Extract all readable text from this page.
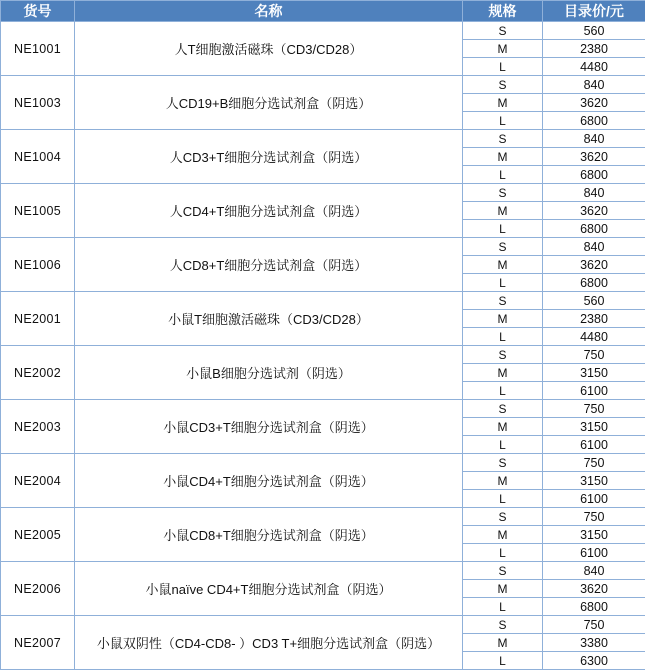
货号	名称	规格	目录价/元
NE1001	人T细胞激活磁珠（CD3/CD28）	S	560
		M	2380
		L	4480
NE1003	人CD19+B细胞分选试剂盒（阴选）	S	840
		M	3620
		L	6800
NE1004	人CD3+T细胞分选试剂盒（阴选）	S	840
		M	3620
		L	6800
NE1005	人CD4+T细胞分选试剂盒（阴选）	S	840
		M	3620
		L	6800
NE1006	人CD8+T细胞分选试剂盒（阴选）	S	840
		M	3620
		L	6800
NE2001	小鼠T细胞激活磁珠（CD3/CD28）	S	560
		M	2380
		L	4480
NE2002	小鼠B细胞分选试剂（阴选）	S	750
		M	3150
		L	6100
NE2003	小鼠CD3+T细胞分选试剂盒（阴选）	S	750
		M	3150
		L	6100
NE2004	小鼠CD4+T细胞分选试剂盒（阴选）	S	750
		M	3150
		L	6100
NE2005	小鼠CD8+T细胞分选试剂盒（阴选）	S	750
		M	3150
		L	6100
NE2006	小鼠naïve CD4+T细胞分选试剂盒（阴选）	S	840
		M	3620
		L	6800
NE2007	小鼠双阴性（CD4-CD8- ）CD3 T+细胞分选试剂盒（阴选）	S	750
		M	3380
		L	6300
